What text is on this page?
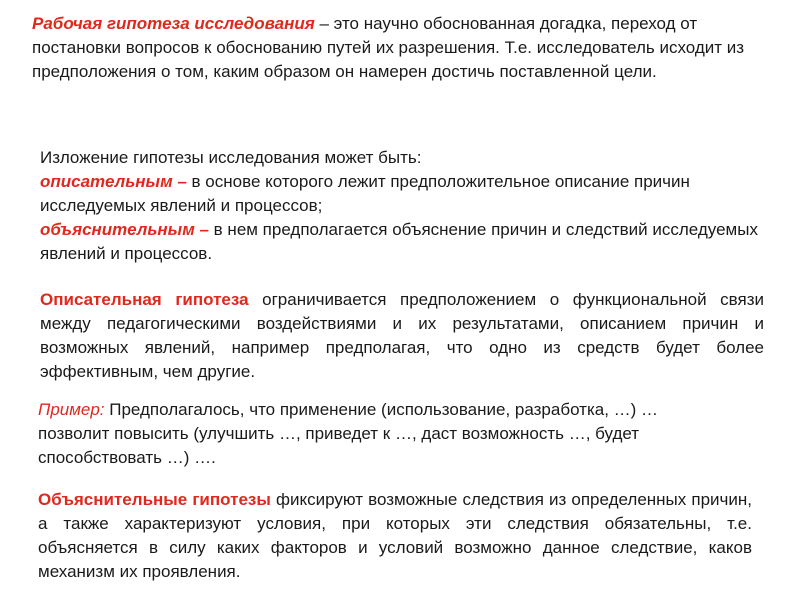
Рабочая гипотеза исследования – это научно обоснованная догадка, переход от постановки вопросов к обоснованию путей их разрешения. Т.е. исследователь исходит из предположения о том, каким образом он намерен достичь поставленной цели.
Изложение гипотезы исследования может быть:
описательным – в основе которого лежит предположительное описание причин исследуемых явлений и процессов;
объяснительным – в нем предполагается объяснение причин и следствий исследуемых явлений и процессов.
Описательная гипотеза ограничивается предположением о функциональной связи между педагогическими воздействиями и их результатами, описанием причин и возможных явлений, например предполагая, что одно из средств будет более эффективным, чем другие.
Пример: Предполагалось, что применение (использование, разработка, …) … позволит повысить (улучшить …, приведет к …, даст возможность …, будет способствовать …) ….
Объяснительные гипотезы фиксируют возможные следствия из определенных причин, а также характеризуют условия, при которых эти следствия обязательны, т.е. объясняется в силу каких факторов и условий возможно данное следствие, каков механизм их проявления.
